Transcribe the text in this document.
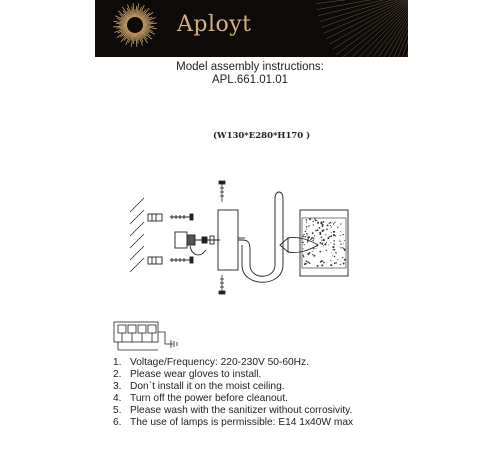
Aployt
Model assembly instructions:
APL.661.01.01
(W130*E280*H170 )
1. Voltage/Frequency: 220-230V 50-60Hz.
2. Please wear gloves to install.
3. Don`t install it on the moist ceiling.
4. Turn off the power before cleanout.
5. Please wash with the sanitizer without corrosivity.
6. The use of lamps is permissible: E14 1x40W max
